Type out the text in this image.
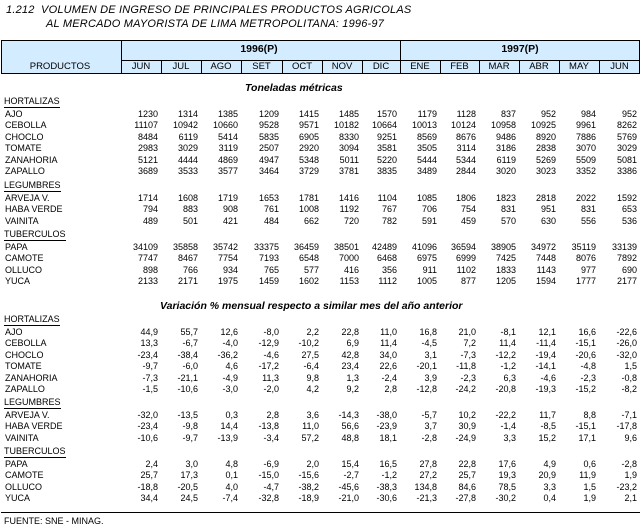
1.212  VOLUMEN DE INGRESO DE PRINCIPALES PRODUCTOS AGRICOLAS
AL MERCADO MAYORISTA DE LIMA METROPOLITANA: 1996-97
PRODUCTOS
1996(P)	1997(P)
JUN	JUL	AGO	SET	OCT	NOV	DIC	ENE	FEB	MAR	ABR	MAY	JUN
Toneladas métricas
Variación % mensual respecto a similar mes del año anterior
HORTALIZAS
AJO	1230	1314	1385	1209	1415	1485	1570	1179	1128	837	952	984	952
CEBOLLA	11107	10942	10660	9528	9571	10182	10664	10013	10124	10958	10925	9961	8262
CHOCLO	8484	6119	5414	5835	6905	8330	9251	8569	8676	9486	8920	7886	5769
TOMATE	2983	3029	3119	2507	2920	3094	3581	3505	3114	3186	2838	3070	3029
ZANAHORIA	5121	4444	4869	4947	5348	5011	5220	5444	5344	6119	5269	5509	5081
ZAPALLO	3689	3533	3577	3464	3729	3781	3835	3489	2844	3020	3023	3352	3386
LEGUMBRES
ARVEJA V.	1714	1608	1719	1653	1781	1416	1104	1085	1806	1823	2818	2022	1592
HABA VERDE	794	883	908	761	1008	1192	767	706	754	831	951	831	653
VAINITA	489	501	421	484	662	720	782	591	459	570	630	556	536
TUBERCULOS
PAPA	34109	35858	35742	33375	36459	38501	42489	41096	36594	38905	34972	35119	33139
CAMOTE	7747	8467	7754	7193	6548	7000	6468	6975	6999	7425	7448	8076	7892
OLLUCO	898	766	934	765	577	416	356	911	1102	1833	1143	977	690
YUCA	2133	2171	1975	1459	1602	1153	1112	1005	877	1205	1594	1777	2177
HORTALIZAS
AJO	44,9	55,7	12,6	-8,0	2,2	22,8	11,0	16,8	21,0	-8,1	12,1	16,6	-22,6
CEBOLLA	13,3	-6,7	-4,0	-12,9	-10,2	6,9	11,4	-4,5	7,2	11,4	-11,4	-15,1	-26,0
CHOCLO	-23,4	-38,4	-36,2	-4,6	27,5	42,8	34,0	3,1	-7,3	-12,2	-19,4	-20,6	-32,0
TOMATE	-9,7	-6,0	4,6	-17,2	-6,4	23,4	22,6	-20,1	-11,8	-1,2	-14,1	-4,8	1,5
ZANAHORIA	-7,3	-21,1	-4,9	11,3	9,8	1,3	-2,4	3,9	-2,3	6,3	-4,6	-2,3	-0,8
ZAPALLO	-1,5	-10,6	-3,0	-2,0	4,2	9,2	2,8	-12,8	-24,2	-20,8	-19,3	-15,2	-8,2
LEGUMBRES
ARVEJA V.	-32,0	-13,5	0,3	2,8	3,6	-14,3	-38,0	-5,7	10,2	-22,2	11,7	8,8	-7,1
HABA VERDE	-23,4	-9,8	14,4	-13,8	11,0	56,6	-23,9	3,7	30,9	-1,4	-8,5	-15,1	-17,8
VAINITA	-10,6	-9,7	-13,9	-3,4	57,2	48,8	18,1	-2,8	-24,9	3,3	15,2	17,1	9,6
TUBERCULOS
PAPA	2,4	3,0	4,8	-6,9	2,0	15,4	16,5	27,8	22,8	17,6	4,9	0,6	-2,8
CAMOTE	25,7	17,3	0,1	-15,0	-15,6	-2,7	-1,2	27,2	25,7	19,3	20,9	11,9	1,9
OLLUCO	-18,8	-20,5	4,0	-4,7	-38,2	-45,6	-38,3	134,8	84,6	78,5	3,3	1,5	-23,2
YUCA	34,4	24,5	-7,4	-32,8	-18,9	-21,0	-30,6	-21,3	-27,8	-30,2	0,4	1,9	2,1
FUENTE: SNE - MINAG.
